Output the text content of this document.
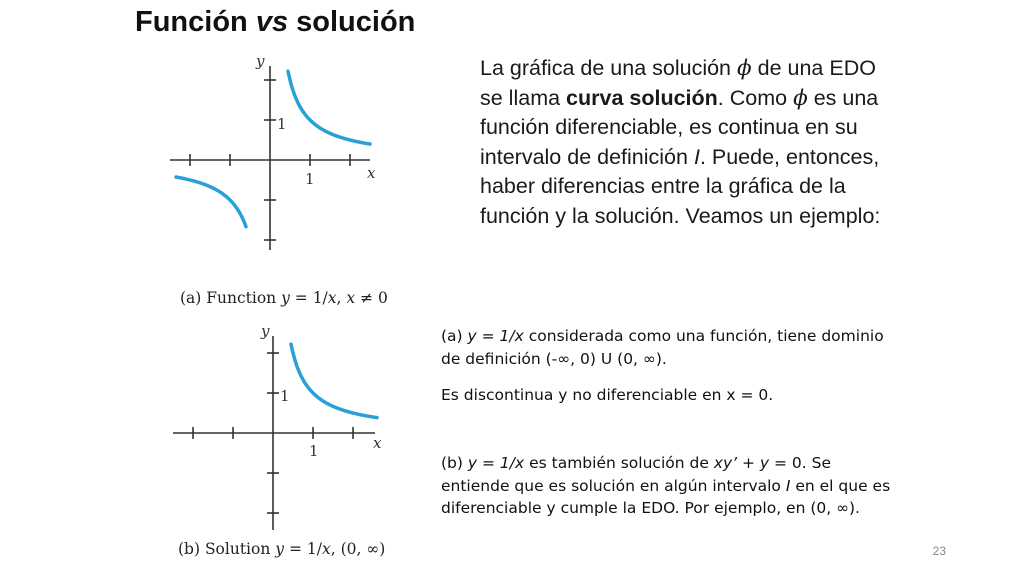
Función vs solución
y
x
1
1
(a) Function y = 1/x, x ≠ 0
y
x
1
1
(b) Solution y = 1/x, (0, ∞)
La gráfica de una solución ϕ de una EDO se llama curva solución. Como ϕ es una función diferenciable, es continua en su intervalo de definición I. Puede, entonces, haber diferencias entre la gráfica de la función y la solución. Veamos un ejemplo:
(a) y = 1/x considerada como una función, tiene dominio de definición (-∞, 0) U (0, ∞).
Es discontinua y no diferenciable en x = 0.
(b) y = 1/x es también solución de xy’ + y = 0. Se entiende que es solución en algún intervalo I en el que es diferenciable y cumple la EDO. Por ejemplo, en (0, ∞).
23
